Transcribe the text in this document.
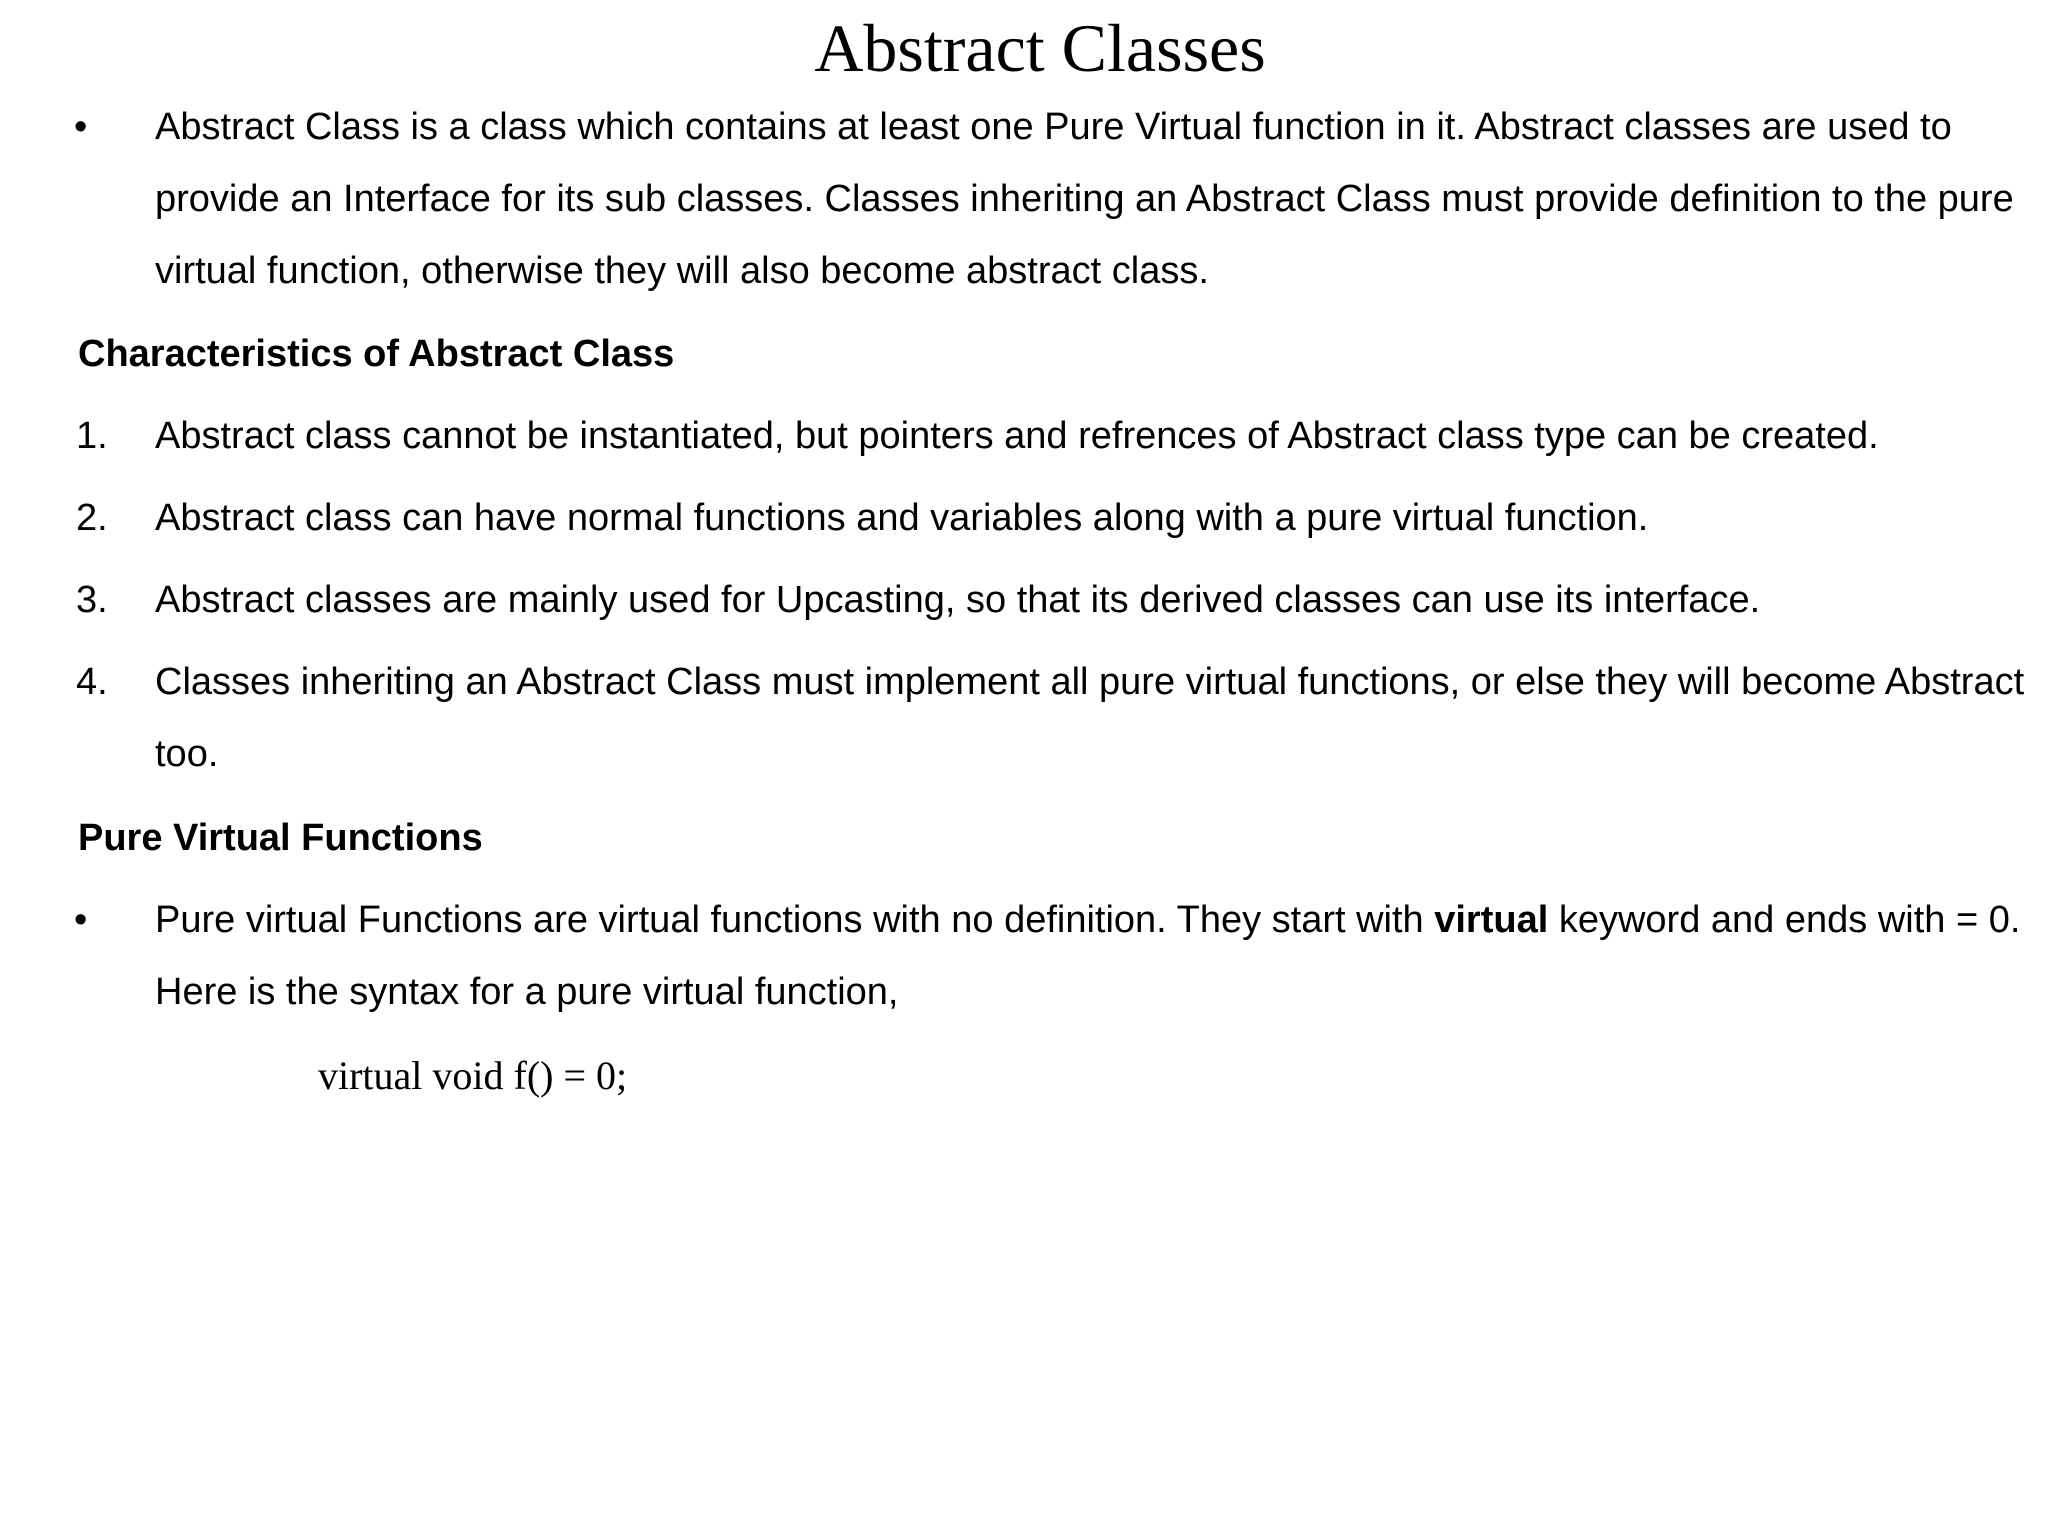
Abstract Classes
• Abstract Class is a class which contains at least one Pure Virtual function in it. Abstract classes are used to provide an Interface for its sub classes. Classes inheriting an Abstract Class must provide definition to the pure virtual function, otherwise they will also become abstract class.
Characteristics of Abstract Class
1. Abstract class cannot be instantiated, but pointers and refrences of Abstract class type can be created.
2. Abstract class can have normal functions and variables along with a pure virtual function.
3. Abstract classes are mainly used for Upcasting, so that its derived classes can use its interface.
4. Classes inheriting an Abstract Class must implement all pure virtual functions, or else they will become Abstract too.
Pure Virtual Functions
• Pure virtual Functions are virtual functions with no definition. They start with virtual keyword and ends with = 0. Here is the syntax for a pure virtual function,
virtual void f() = 0;
